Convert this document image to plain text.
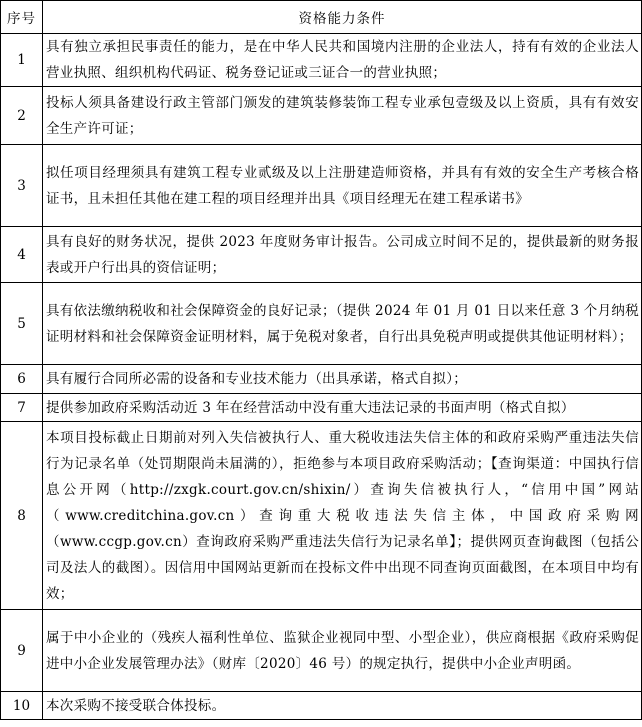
序号	资格能力条件
1	具有独立承担民事责任的能力，是在中华人民共和国境内注册的企业法人，持有有效的企业法人营业执照、组织机构代码证、税务登记证或三证合一的营业执照；
2	投标人须具备建设行政主管部门颁发的建筑装修装饰工程专业承包壹级及以上资质，具有有效安全生产许可证；
3	拟任项目经理须具有建筑工程专业贰级及以上注册建造师资格，并具有有效的安全生产考核合格证书，且未担任其他在建工程的项目经理并出具《项目经理无在建工程承诺书》
4	具有良好的财务状况，提供 2023 年度财务审计报告。公司成立时间不足的，提供最新的财务报表或开户行出具的资信证明；
5	具有依法缴纳税收和社会保障资金的良好记录；（提供 2024 年 01 月 01 日以来任意 3 个月纳税证明材料和社会保障资金证明材料，属于免税对象者，自行出具免税声明或提供其他证明材料）；
6	具有履行合同所必需的设备和专业技术能力（出具承诺，格式自拟）；
7	提供参加政府采购活动近 3 年在经营活动中没有重大违法记录的书面声明（格式自拟）
8	本项目投标截止日期前对列入失信被执行人、重大税收违法失信主体的和政府采购严重违法失信行为记录名单（处罚期限尚未届满的），拒绝参与本项目政府采购活动；【查询渠道：中国执行信息公开网（http://zxgk.court.gov.cn/shixin/）查询失信被执行人，“信用中国”网站（www.creditchina.gov.cn）查询重大税收违法失信主体，中国政府采购网（www.ccgp.gov.cn）查询政府采购严重违法失信行为记录名单】；提供网页查询截图（包括公司及法人的截图）。因信用中国网站更新而在投标文件中出现不同查询页面截图，在本项目中均有效；
9	属于中小企业的（残疾人福利性单位、监狱企业视同中型、小型企业），供应商根据《政府采购促进中小企业发展管理办法》（财库〔2020〕46 号）的规定执行，提供中小企业声明函。
10	本次采购不接受联合体投标。
